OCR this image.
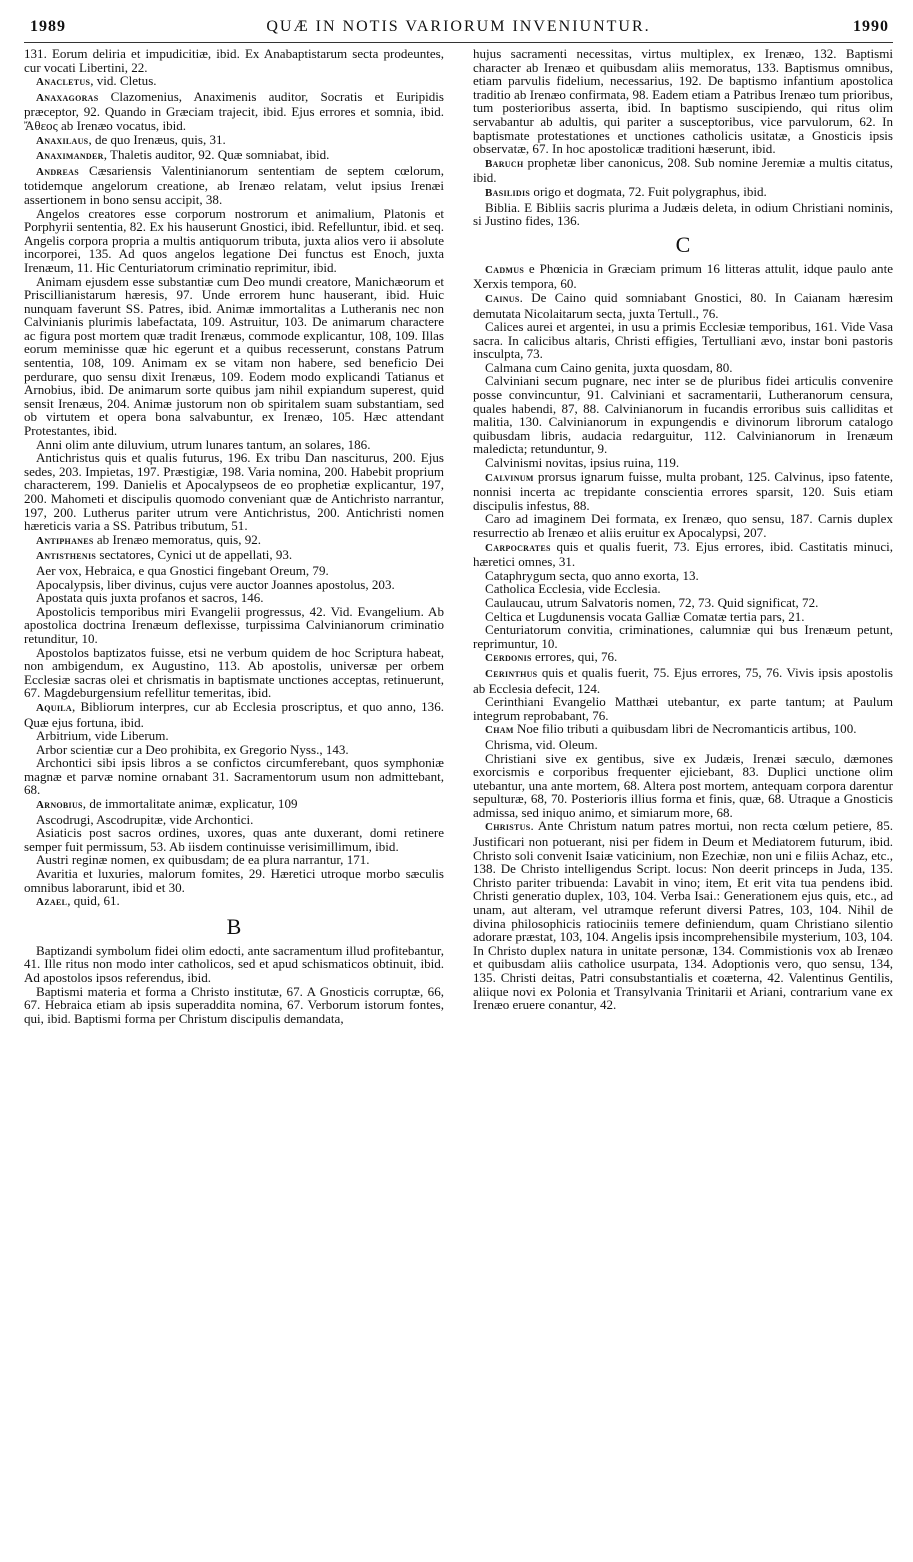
1989	QUÆ IN NOTIS VARIORUM INVENIUNTUR.	1990

131. Eorum deliria et impudicitiæ, ibid. Ex Anabaptistarum secta prodeuntes, cur vocati Libertini, 22.

Anacletus, vid. Cletus.

Anaxagoras Clazomenius, Anaximenis auditor, Socratis et Euripidis præceptor, 92. Quando in Græciam trajecit, ibid. Ejus errores et somnia, ibid. Ἄθεος ab Irenæo vocatus, ibid.

Anaxilaus, de quo Irenæus, quis, 31.

Anaximander, Thaletis auditor, 92. Quæ somniabat, ibid.

Andreas Cæsariensis Valentinianorum sententiam de septem cœlorum, totidemque angelorum creatione, ab Irenæo relatam, velut ipsius Irenæi assertionem in bono sensu accipit, 38.

Angelos creatores esse corporum nostrorum et animalium, Platonis et Porphyrii sententia, 82. Ex his hauserunt Gnostici, ibid. Refelluntur, ibid. et seq. Angelis corpora propria a multis antiquorum tributa, juxta alios vero ii absolute incorporei, 135. Ad quos angelos legatione Dei functus est Enoch, juxta Irenæum, 11. Hic Centuriatorum criminatio reprimitur, ibid.

Animam ejusdem esse substantiæ cum Deo mundi creatore, Manichæorum et Priscillianistarum hæresis, 97. Unde errorem hunc hauserant, ibid. Huic nunquam faverunt SS. Patres, ibid. Animæ immortalitas a Lutheranis nec non Calvinianis plurimis labefactata, 109. Astruitur, 103. De animarum charactere ac figura post mortem quæ tradit Irenæus, commode explicantur, 108, 109. Illas eorum meminisse quæ hic egerunt et a quibus recesserunt, constans Patrum sententia, 108, 109. Animam ex se vitam non habere, sed beneficio Dei perdurare, quo sensu dixit Irenæus, 109. Eodem modo explicandi Tatianus et Arnobius, ibid. De animarum sorte quibus jam nihil expiandum superest, quid sensit Irenæus, 204. Animæ justorum non ob spiritalem suam substantiam, sed ob virtutem et opera bona salvabuntur, ex Irenæo, 105. Hæc attendant Protestantes, ibid.

Anni olim ante diluvium, utrum lunares tantum, an solares, 186.

Antichristus quis et qualis futurus, 196. Ex tribu Dan nasciturus, 200. Ejus sedes, 203. Impietas, 197. Præstigiæ, 198. Varia nomina, 200. Habebit proprium characterem, 199. Danielis et Apocalypseos de eo prophetiæ explicantur, 197, 200. Mahometi et discipulis quomodo conveniant quæ de Antichristo narrantur, 197, 200. Lutherus pariter utrum vere Antichristus, 200. Antichristi nomen hæreticis varia a SS. Patribus tributum, 51.

Antiphanes ab Irenæo memoratus, quis, 92.

Antisthenis sectatores, Cynici ut de appellati, 93.

Aer vox, Hebraica, e qua Gnostici fingebant Oreum, 79.

Apocalypsis, liber divinus, cujus vere auctor Joannes apostolus, 203.

Apostata quis juxta profanos et sacros, 146.

Apostolicis temporibus miri Evangelii progressus, 42. Vid. Evangelium. Ab apostolica doctrina Irenæum deflexisse, turpissima Calvinianorum criminatio retunditur, 10.

Apostolos baptizatos fuisse, etsi ne verbum quidem de hoc Scriptura habeat, non ambigendum, ex Augustino, 113. Ab apostolis, universæ per orbem Ecclesiæ sacras olei et chrismatis in baptismate unctiones acceptas, retinuerunt, 67. Magdeburgensium refellitur temeritas, ibid.

Aquila, Bibliorum interpres, cur ab Ecclesia proscriptus, et quo anno, 136. Quæ ejus fortuna, ibid.

Arbitrium, vide Liberum.

Arbor scientiæ cur a Deo prohibita, ex Gregorio Nyss., 143.

Archontici sibi ipsis libros a se confictos circumferebant, quos symphoniæ magnæ et parvæ nomine ornabant 31. Sacramentorum usum non admittebant, 68.

Arnobius, de immortalitate animæ, explicatur, 109

Ascodrugi, Ascodrupitæ, vide Archontici.

Asiaticis post sacros ordines, uxores, quas ante duxerant, domi retinere semper fuit permissum, 53. Ab iisdem continuisse verisimillimum, ibid.

Austri reginæ nomen, ex quibusdam; de ea plura narrantur, 171.

Avaritia et luxuries, malorum fomites, 29. Hæretici utroque morbo sæculis omnibus laborarunt, ibid et 30.

Azael, quid, 61.

B

Baptizandi symbolum fidei olim edocti, ante sacramentum illud profitebantur, 41. Ille ritus non modo inter catholicos, sed et apud schismaticos obtinuit, ibid. Ad apostolos ipsos referendus, ibid.

Baptismi materia et forma a Christo institutæ, 67. A Gnosticis corruptæ, 66, 67. Hebraica etiam ab ipsis superaddita nomina, 67. Verborum istorum fontes, qui, ibid. Baptismi forma per Christum discipulis demandata,

hujus sacramenti necessitas, virtus multiplex, ex Irenæo, 132. Baptismi character ab Irenæo et quibusdam aliis memoratus, 133. Baptismus omnibus, etiam parvulis fidelium, necessarius, 192. De baptismo infantium apostolica traditio ab Irenæo confirmata, 98. Eadem etiam a Patribus Irenæo tum prioribus, tum posterioribus asserta, ibid. In baptismo suscipiendo, qui ritus olim servabantur ab adultis, qui pariter a susceptoribus, vice parvulorum, 62. In baptismate protestationes et unctiones catholicis usitatæ, a Gnosticis ipsis observatæ, 67. In hoc apostolicæ traditioni hæserunt, ibid.

Baruch prophetæ liber canonicus, 208. Sub nomine Jeremiæ a multis citatus, ibid.

Basilidis origo et dogmata, 72. Fuit polygraphus, ibid.

Biblia. E Bibliis sacris plurima a Judæis deleta, in odium Christiani nominis, si Justino fides, 136.

C

Cadmus e Phœnicia in Græciam primum 16 litteras attulit, idque paulo ante Xerxis tempora, 60.

Cainus. De Caino quid somniabant Gnostici, 80. In Caianam hæresim demutata Nicolaitarum secta, juxta Tertull., 76.

Calices aurei et argentei, in usu a primis Ecclesiæ temporibus, 161. Vide Vasa sacra. In calicibus altaris, Christi effigies, Tertulliani ævo, instar boni pastoris insculpta, 73.

Calmana cum Caino genita, juxta quosdam, 80.

Calviniani secum pugnare, nec inter se de pluribus fidei articulis convenire posse convincuntur, 91. Calviniani et sacramentarii, Lutheranorum censura, quales habendi, 87, 88. Calvinianorum in fucandis erroribus suis calliditas et malitia, 130. Calvinianorum in expungendis e divinorum librorum catalogo quibusdam libris, audacia redarguitur, 112. Calvinianorum in Irenæum maledicta; retunduntur, 9.

Calvinismi novitas, ipsius ruina, 119.

Calvinum prorsus ignarum fuisse, multa probant, 125. Calvinus, ipso fatente, nonnisi incerta ac trepidante conscientia errores sparsit, 120. Suis etiam discipulis infestus, 88.

Caro ad imaginem Dei formata, ex Irenæo, quo sensu, 187. Carnis duplex resurrectio ab Irenæo et aliis eruitur ex Apocalypsi, 207.

Carpocrates quis et qualis fuerit, 73. Ejus errores, ibid. Castitatis minuci, hæretici omnes, 31.

Cataphrygum secta, quo anno exorta, 13.

Catholica Ecclesia, vide Ecclesia.

Caulaucau, utrum Salvatoris nomen, 72, 73. Quid significat, 72.

Celtica et Lugdunensis vocata Galliæ Comatæ tertia pars, 21.

Centuriatorum convitia, criminationes, calumniæ qui bus Irenæum petunt, reprimuntur, 10.

Cerdonis errores, qui, 76.

Cerinthus quis et qualis fuerit, 75. Ejus errores, 75, 76. Vivis ipsis apostolis ab Ecclesia defecit, 124.

Cerinthiani Evangelio Matthæi utebantur, ex parte tantum; at Paulum integrum reprobabant, 76.

Cham Noe filio tributi a quibusdam libri de Necromanticis artibus, 100.

Chrisma, vid. Oleum.

Christiani sive ex gentibus, sive ex Judæis, Irenæi sæculo, dæmones exorcismis e corporibus frequenter ejiciebant, 83. Duplici unctione olim utebantur, una ante mortem, 68. Altera post mortem, antequam corpora darentur sepulturæ, 68, 70. Posterioris illius forma et finis, quæ, 68. Utraque a Gnosticis admissa, sed iniquo animo, et simiarum more, 68.

Christus. Ante Christum natum patres mortui, non recta cœlum petiere, 85. Justificari non potuerant, nisi per fidem in Deum et Mediatorem futurum, ibid. Christo soli convenit Isaiæ vaticinium, non Ezechiæ, non uni e filiis Achaz, etc., 138. De Christo intelligendus Script. locus: Non deerit princeps in Juda, 135. Christo pariter tribuenda: Lavabit in vino; item, Et erit vita tua pendens ibid. Christi generatio duplex, 103, 104. Verba Isai.: Generationem ejus quis, etc., ad unam, aut alteram, vel utramque referunt diversi Patres, 103, 104. Nihil de divina philosophicis ratiociniis temere definiendum, quam Christiano silentio adorare præstat, 103, 104. Angelis ipsis incomprehensibile mysterium, 103, 104. In Christo duplex natura in unitate personæ, 134. Commistionis vox ab Irenæo et quibusdam aliis catholice usurpata, 134. Adoptionis vero, quo sensu, 134, 135. Christi deitas, Patri consubstantialis et coæterna, 42. Valentinus Gentilis, aliique novi ex Polonia et Transylvania Trinitarii et Ariani, contrarium vane ex Irenæo eruere conantur, 42.
